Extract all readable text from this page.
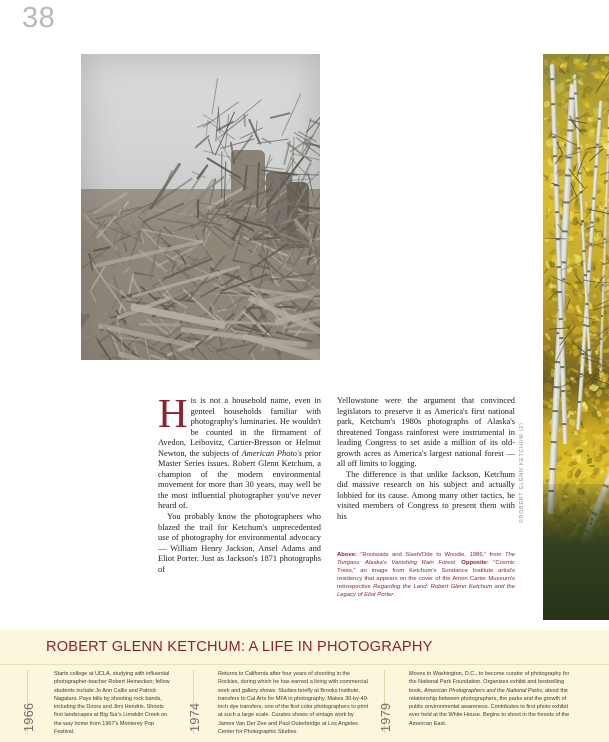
38
©ROBERT GLENN KETCHUM (2)

His is not a household name, even in genteel households familiar with photography's luminaries. He wouldn't be counted in the firmament of Avedon, Leibovitz, Cartier-Bresson or Helmut Newton, the subjects of American Photo's prior Master Series issues. Robert Glenn Ketchum, a champion of the modern environmental movement for more than 30 years, may well be the most influential photographer you've never heard of.

You probably know the photographers who blazed the trail for Ketchum's unprecedented use of photography for environmental advocacy — William Henry Jackson, Ansel Adams and Eliot Porter. Just as Jackson's 1871 photographs of

Yellowstone were the argument that convinced legislators to preserve it as America's first national park, Ketchum's 1980s photographs of Alaska's threatened Tongass rainforest were instrumental in leading Congress to set aside a million of its old-growth acres as America's largest national forest — all off limits to logging.

The difference is that unlike Jackson, Ketchum did massive research on his subject and actually lobbied for its cause. Among many other tactics, he visited members of Congress to present them with his

Above: “Rootwads and Slash/Ode to Woodie, 1986,” from The Tongass: Alaska's Vanishing Rain Forest. Opposite: “Cosmic Trees,” an image from Ketchum's Sundance Institute artist's residency that appears on the cover of the Amon Carter Museum's retrospective Regarding the Land: Robert Glenn Ketchum and the Legacy of Eliot Porter.
ROBERT GLENN KETCHUM: A LIFE IN PHOTOGRAPHY
1966
Starts college at UCLA, studying with influential photographer-teacher Robert Heinecken; fellow students include Jo Ann Callis and Patrick Nagatani. Pays bills by shooting rock bands, including the Doors and Jimi Hendrix. Shoots first landscapes at Big Sur's Limekiln Creek on the way home from 1967's Monterey Pop Festival.
1974
Returns to California after four years of shooting in the Rockies, during which he has earned a living with commercial work and gallery shows. Studies briefly at Brooks Institute, transfers to Cal Arts for MFA in photography. Makes 30-by-40-inch dye transfers, one of the first color photographers to print at such a large scale. Curates shows of vintage work by James Van Der Zee and Paul Outerbridge at Los Angeles Center for Photographic Studies.
1979
Moves to Washington, D.C., to become curator of photography for the National Park Foundation. Organizes exhibit and bestselling book, American Photographers and the National Parks, about the relationship between photographers, the parks and the growth of public environmental awareness. Contributes to first photo exhibit ever held at the White House. Begins to shoot in the forests of the American East.
